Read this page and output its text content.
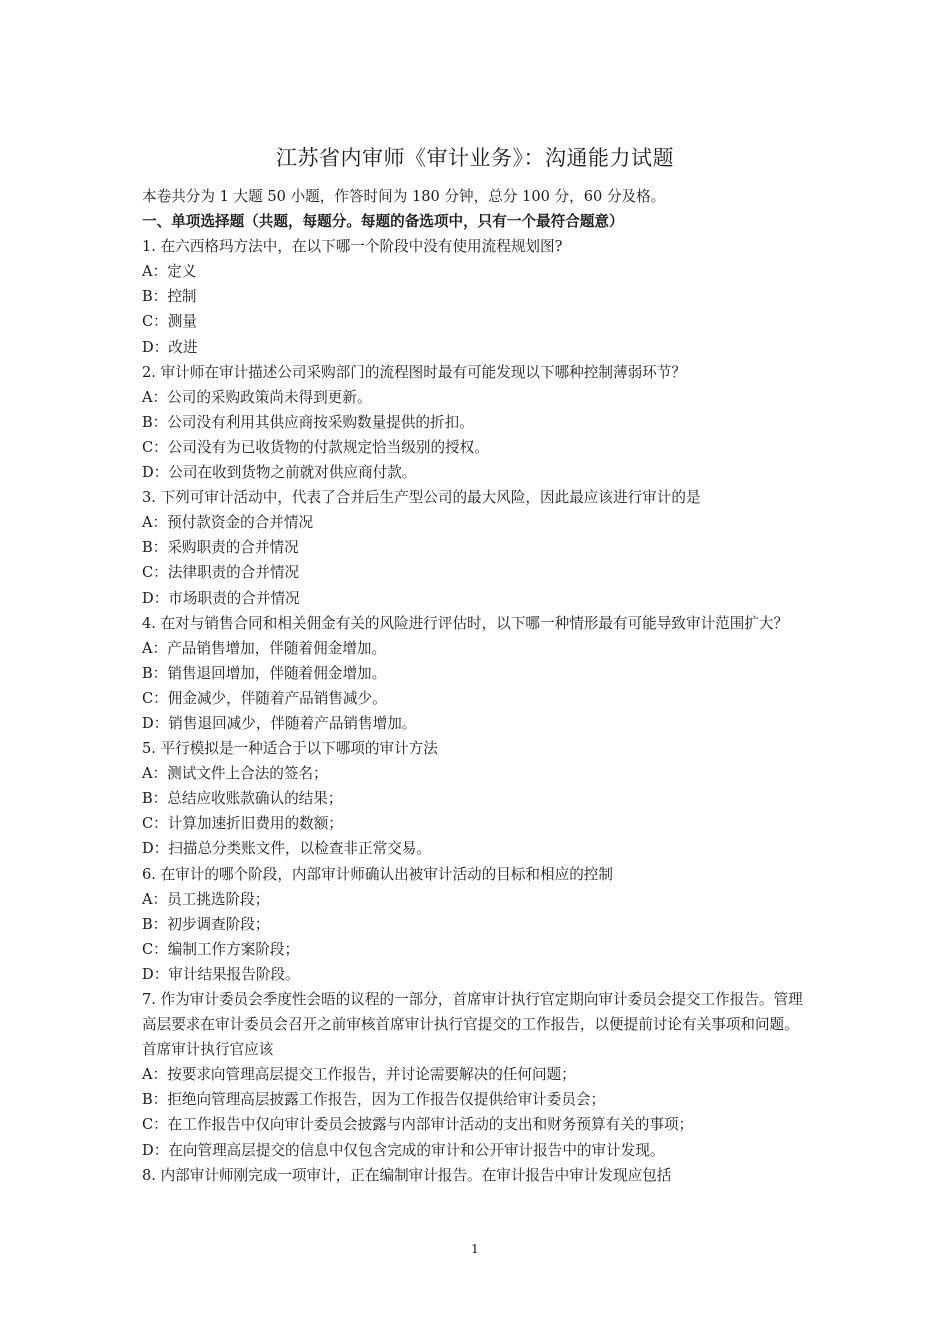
江苏省内审师《审计业务》：沟通能力试题
本卷共分为 1 大题 50 小题，作答时间为 180 分钟，总分 100 分，60 分及格。
一、单项选择题（共题，每题分。每题的备选项中，只有一个最符合题意）
1. 在六西格玛方法中，在以下哪一个阶段中没有使用流程规划图?
A：定义
B：控制
C：测量
D：改进
2. 审计师在审计描述公司采购部门的流程图时最有可能发现以下哪种控制薄弱环节？
A：公司的采购政策尚未得到更新。
B：公司没有利用其供应商按采购数量提供的折扣。
C：公司没有为已收货物的付款规定恰当级别的授权。
D：公司在收到货物之前就对供应商付款。
3. 下列可审计活动中，代表了合并后生产型公司的最大风险，因此最应该进行审计的是
A：预付款资金的合并情况
B：采购职责的合并情况
C：法律职责的合并情况
D：市场职责的合并情况
4. 在对与销售合同和相关佣金有关的风险进行评估时，以下哪一种情形最有可能导致审计范围扩大？
A：产品销售增加，伴随着佣金增加。
B：销售退回增加，伴随着佣金增加。
C：佣金减少，伴随着产品销售减少。
D：销售退回减少，伴随着产品销售增加。
5. 平行模拟是一种适合于以下哪项的审计方法
A：测试文件上合法的签名；
B：总结应收账款确认的结果；
C：计算加速折旧费用的数额；
D：扫描总分类账文件，以检查非正常交易。
6. 在审计的哪个阶段，内部审计师确认出被审计活动的目标和相应的控制
A：员工挑选阶段；
B：初步调查阶段；
C：编制工作方案阶段；
D：审计结果报告阶段。
7. 作为审计委员会季度性会晤的议程的一部分，首席审计执行官定期向审计委员会提交工作报告。管理高层要求在审计委员会召开之前审核首席审计执行官提交的工作报告，以便提前讨论有关事项和问题。首席审计执行官应该
A：按要求向管理高层提交工作报告，并讨论需要解决的任何问题；
B：拒绝向管理高层披露工作报告，因为工作报告仅提供给审计委员会；
C：在工作报告中仅向审计委员会披露与内部审计活动的支出和财务预算有关的事项；
D：在向管理高层提交的信息中仅包含完成的审计和公开审计报告中的审计发现。
8. 内部审计师刚完成一项审计，正在编制审计报告。在审计报告中审计发现应包括
1
